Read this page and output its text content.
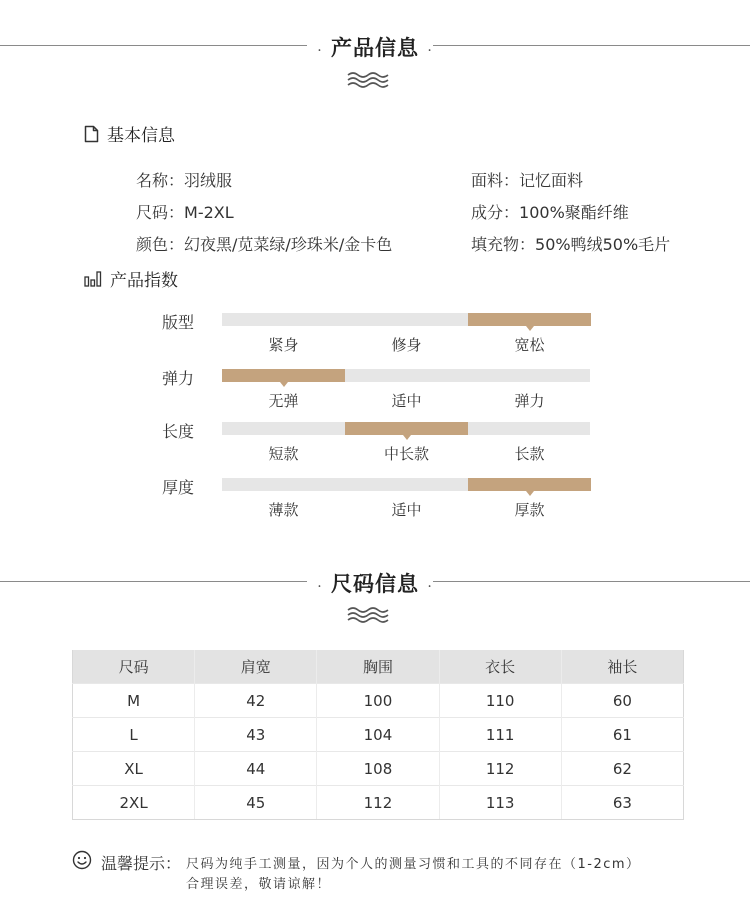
· 产品信息 ·
基本信息
名称：羽绒服
尺码：M-2XL
颜色：幻夜黑/苋菜绿/珍珠米/金卡色
面料：记忆面料
成分：100%聚酯纤维
填充物：50%鸭绒50%毛片
产品指数
版型
紧身	修身	宽松
弹力
无弹	适中	弹力
长度
短款	中长款	长款
厚度
薄款	适中	厚款
· 尺码信息 ·
尺码	肩宽	胸围	衣长	袖长
M	42	100	110	60
L	43	104	111	61
XL	44	108	112	62
2XL	45	112	113	63
温馨提示： 尺码为纯手工测量，因为个人的测量习惯和工具的不同存在（1-2cm）
合理误差，敬请谅解！
